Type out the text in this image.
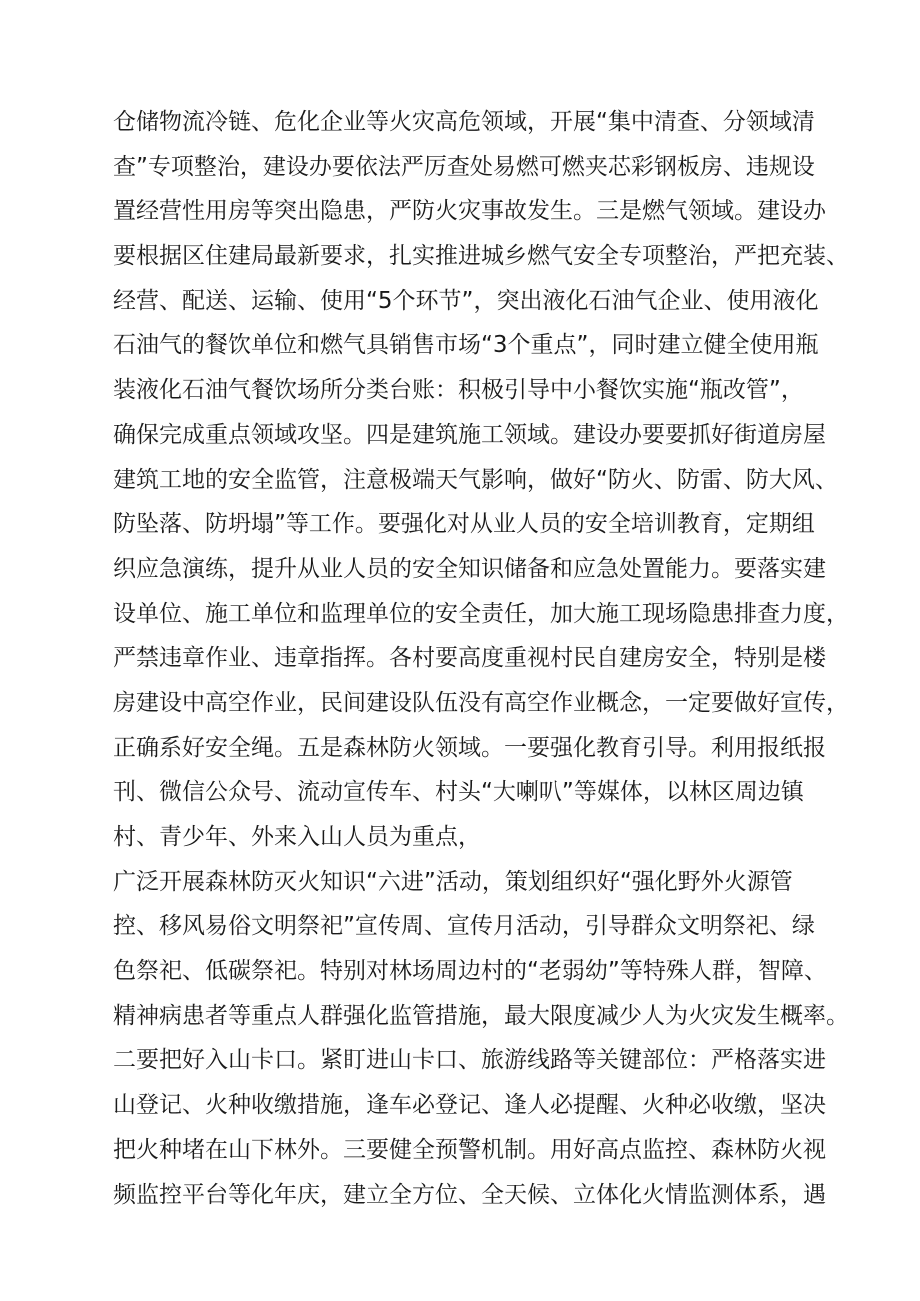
仓储物流冷链、危化企业等火灾高危领域，开展“集中清查、分领域清
查”专项整治，建设办要依法严厉查处易燃可燃夹芯彩钢板房、违规设
置经营性用房等突出隐患，严防火灾事故发生。三是燃气领域。建设办
要根据区住建局最新要求，扎实推进城乡燃气安全专项整治，严把充装、
经营、配送、运输、使用“5个环节”，突出液化石油气企业、使用液化
石油气的餐饮单位和燃气具销售市场“3个重点”，同时建立健全使用瓶
装液化石油气餐饮场所分类台账：积极引导中小餐饮实施“瓶改管”，
确保完成重点领域攻坚。四是建筑施工领域。建设办要要抓好街道房屋
建筑工地的安全监管，注意极端天气影响，做好“防火、防雷、防大风、
防坠落、防坍塌”等工作。要强化对从业人员的安全培训教育，定期组
织应急演练，提升从业人员的安全知识储备和应急处置能力。要落实建
设单位、施工单位和监理单位的安全责任，加大施工现场隐患排查力度，
严禁违章作业、违章指挥。各村要高度重视村民自建房安全，特别是楼
房建设中高空作业，民间建设队伍没有高空作业概念，一定要做好宣传，
正确系好安全绳。五是森林防火领域。一要强化教育引导。利用报纸报
刊、微信公众号、流动宣传车、村头“大喇叭”等媒体，以林区周边镇
村、青少年、外来入山人员为重点，
广泛开展森林防灭火知识“六进”活动，策划组织好“强化野外火源管
控、移风易俗文明祭祀”宣传周、宣传月活动，引导群众文明祭祀、绿
色祭祀、低碳祭祀。特别对林场周边村的“老弱幼”等特殊人群，智障、
精神病患者等重点人群强化监管措施，最大限度减少人为火灾发生概率。
二要把好入山卡口。紧盯进山卡口、旅游线路等关键部位：严格落实进
山登记、火种收缴措施，逢车必登记、逢人必提醒、火种必收缴，坚决
把火种堵在山下林外。三要健全预警机制。用好高点监控、森林防火视
频监控平台等化年庆，建立全方位、全天候、立体化火情监测体系，遇
